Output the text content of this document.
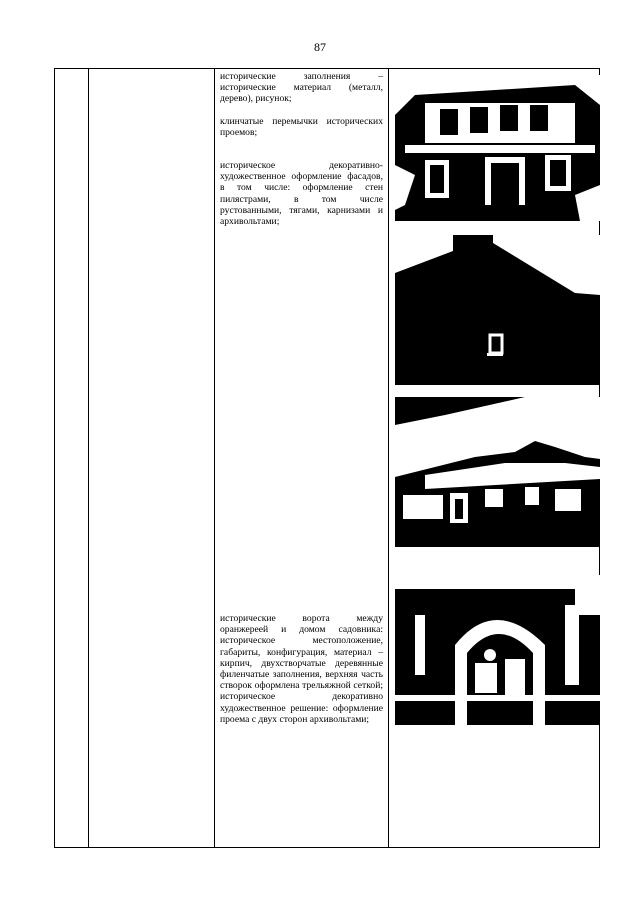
87

исторические заполнения – исторические материал (металл, дерево), рисунок;

клинчатые перемычки исторических проемов;

историческое декоративно-художественное оформление фасадов, в том числе: оформление стен пилястрами, в том числе рустованными, тягами, карнизами и архивольтами;

исторические ворота между оранжереей и домом садовника: историческое местоположение, габариты, конфигурация, материал – кирпич, двухстворчатые деревянные филенчатые заполнения, верхняя часть створок оформлена трельяжной сеткой; историческое декоративно художественное решение: оформление проема с двух сторон архивольтами;
